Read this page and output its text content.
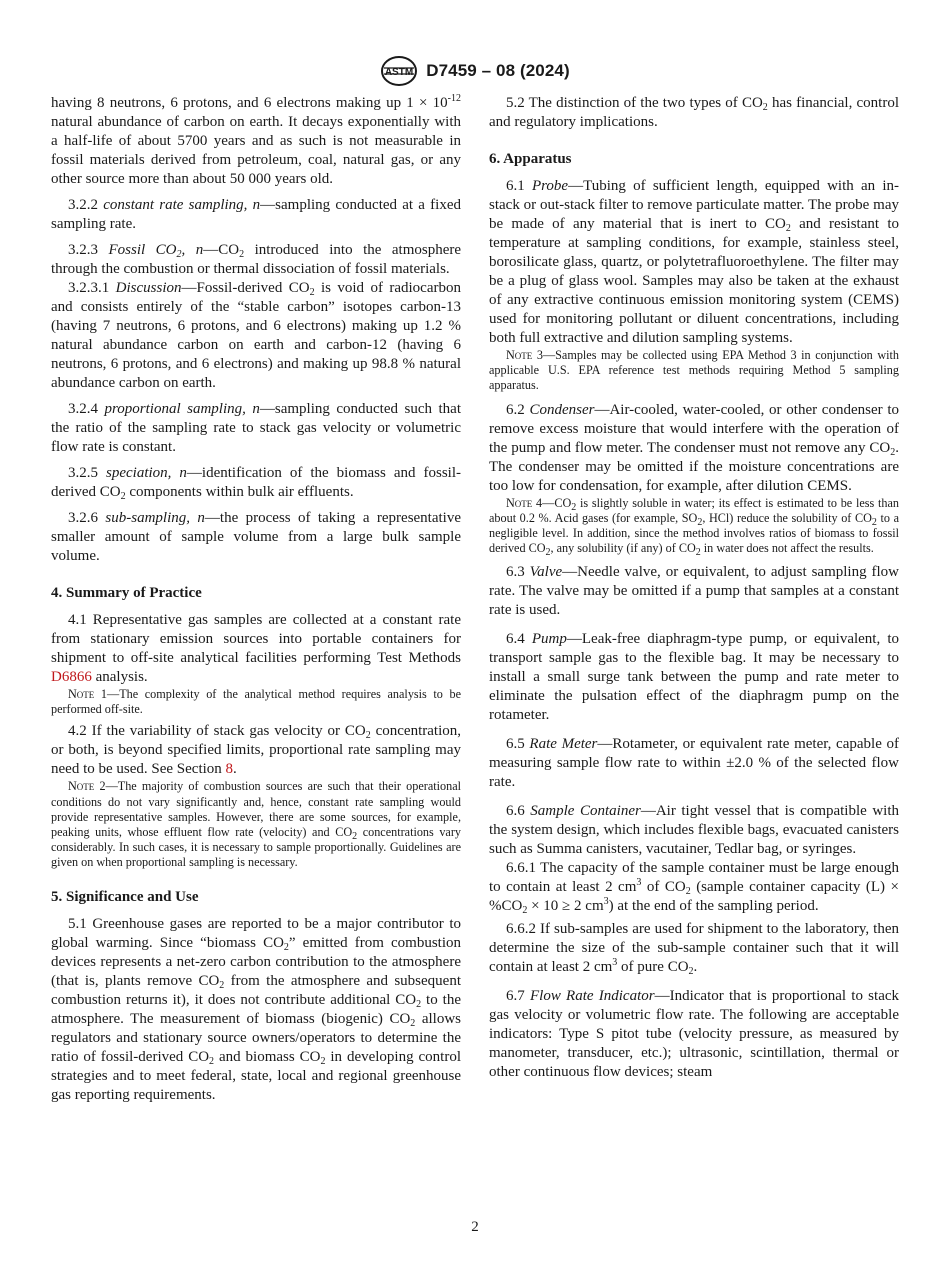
ASTM D7459 – 08 (2024)

having 8 neutrons, 6 protons, and 6 electrons making up $1 \times 10^{-12}$ natural abundance of carbon on earth. It decays exponentially with a half-life of about 5700 years and as such is not measurable in fossil materials derived from petroleum, coal, natural gas, or any other source more than about 50 000 years old.

3.2.2 constant rate sampling, n—sampling conducted at a fixed sampling rate.

3.2.3 Fossil $CO_2$, $n—CO_2$ introduced into the atmosphere through the combustion or thermal dissociation of fossil materials.

3.2.3.1 Discussion—Fossil-derived $CO_2$ is void of radiocarbon and consists entirely of the “stable carbon” isotopes carbon-13 (having 7 neutrons, 6 protons, and 6 electrons) making up 1.2 % natural abundance carbon on earth and carbon-12 (having 6 neutrons, 6 protons, and 6 electrons) and making up 98.8 % natural abundance carbon on earth.

3.2.4 proportional sampling, n—sampling conducted such that the ratio of the sampling rate to stack gas velocity or volumetric flow rate is constant.

3.2.5 speciation, n—identification of the biomass and fossil-derived $CO_2$ components within bulk air effluents.

3.2.6 sub-sampling, n—the process of taking a representative smaller amount of sample volume from a large bulk sample volume.

4. Summary of Practice

4.1 Representative gas samples are collected at a constant rate from stationary emission sources into portable containers for shipment to off-site analytical facilities performing Test Methods D6866 analysis.

Note 1—The complexity of the analytical method requires analysis to be performed off-site.

4.2 If the variability of stack gas velocity or $CO_2$ concentration, or both, is beyond specified limits, proportional rate sampling may need to be used. See Section 8.

Note 2—The majority of combustion sources are such that their operational conditions do not vary significantly and, hence, constant rate sampling would provide representative samples. However, there are some sources, for example, peaking units, whose effluent flow rate (velocity) and $CO_2$ concentrations vary considerably. In such cases, it is necessary to sample proportionally. Guidelines are given on when proportional sampling is necessary.

5. Significance and Use

5.1 Greenhouse gases are reported to be a major contributor to global warming. Since “biomass $CO_2$” emitted from combustion devices represents a net-zero carbon contribution to the atmosphere (that is, plants remove $CO_2$ from the atmosphere and subsequent combustion returns it), it does not contribute additional $CO_2$ to the atmosphere. The measurement of biomass (biogenic) $CO_2$ allows regulators and stationary source owners/operators to determine the ratio of fossil-derived $CO_2$ and biomass $CO_2$ in developing control strategies and to meet federal, state, local and regional greenhouse gas reporting requirements.

5.2 The distinction of the two types of $CO_2$ has financial, control and regulatory implications.

6. Apparatus

6.1 Probe—Tubing of sufficient length, equipped with an in-stack or out-stack filter to remove particulate matter. The probe may be made of any material that is inert to $CO_2$ and resistant to temperature at sampling conditions, for example, stainless steel, borosilicate glass, quartz, or polytetrafluoroethylene. The filter may be a plug of glass wool. Samples may also be taken at the exhaust of any extractive continuous emission monitoring system (CEMS) used for monitoring pollutant or diluent concentrations, including both full extractive and dilution sampling systems.

Note 3—Samples may be collected using EPA Method 3 in conjunction with applicable U.S. EPA reference test methods requiring Method 5 sampling apparatus.

6.2 Condenser—Air-cooled, water-cooled, or other condenser to remove excess moisture that would interfere with the operation of the pump and flow meter. The condenser must not remove any $CO_2$. The condenser may be omitted if the moisture concentrations are too low for condensation, for example, after dilution CEMS.

Note $4—CO_2$ is slightly soluble in water; its effect is estimated to be less than about 0.2 %. Acid gases (for example, $SO_2$, HCl) reduce the solubility of $CO_2$ to a negligible level. In addition, since the method involves ratios of biomass to fossil derived $CO_2$, any solubility (if any) of $CO_2$ in water does not affect the results.

6.3 Valve—Needle valve, or equivalent, to adjust sampling flow rate. The valve may be omitted if a pump that samples at a constant rate is used.

6.4 Pump—Leak-free diaphragm-type pump, or equivalent, to transport sample gas to the flexible bag. It may be necessary to install a small surge tank between the pump and rate meter to eliminate the pulsation effect of the diaphragm pump on the rotameter.

6.5 Rate Meter—Rotameter, or equivalent rate meter, capable of measuring sample flow rate to within ±2.0 % of the selected flow rate.

6.6 Sample Container—Air tight vessel that is compatible with the system design, which includes flexible bags, evacuated canisters such as Summa canisters, vacutainer, Tedlar bag, or syringes.

6.6.1 The capacity of the sample container must be large enough to contain at least 2 $cm^3$ of $CO_2$ (sample container capacity $(L) \times \%CO_2 \times 10 \ge 2$ $cm^3$) at the end of the sampling period.

6.6.2 If sub-samples are used for shipment to the laboratory, then determine the size of the sub-sample container such that it will contain at least 2 $cm^3$ of pure $CO_2$.

6.7 Flow Rate Indicator—Indicator that is proportional to stack gas velocity or volumetric flow rate. The following are acceptable indicators: Type S pitot tube (velocity pressure, as measured by manometer, transducer, etc.); ultrasonic, scintillation, thermal or other continuous flow devices; steam

2
